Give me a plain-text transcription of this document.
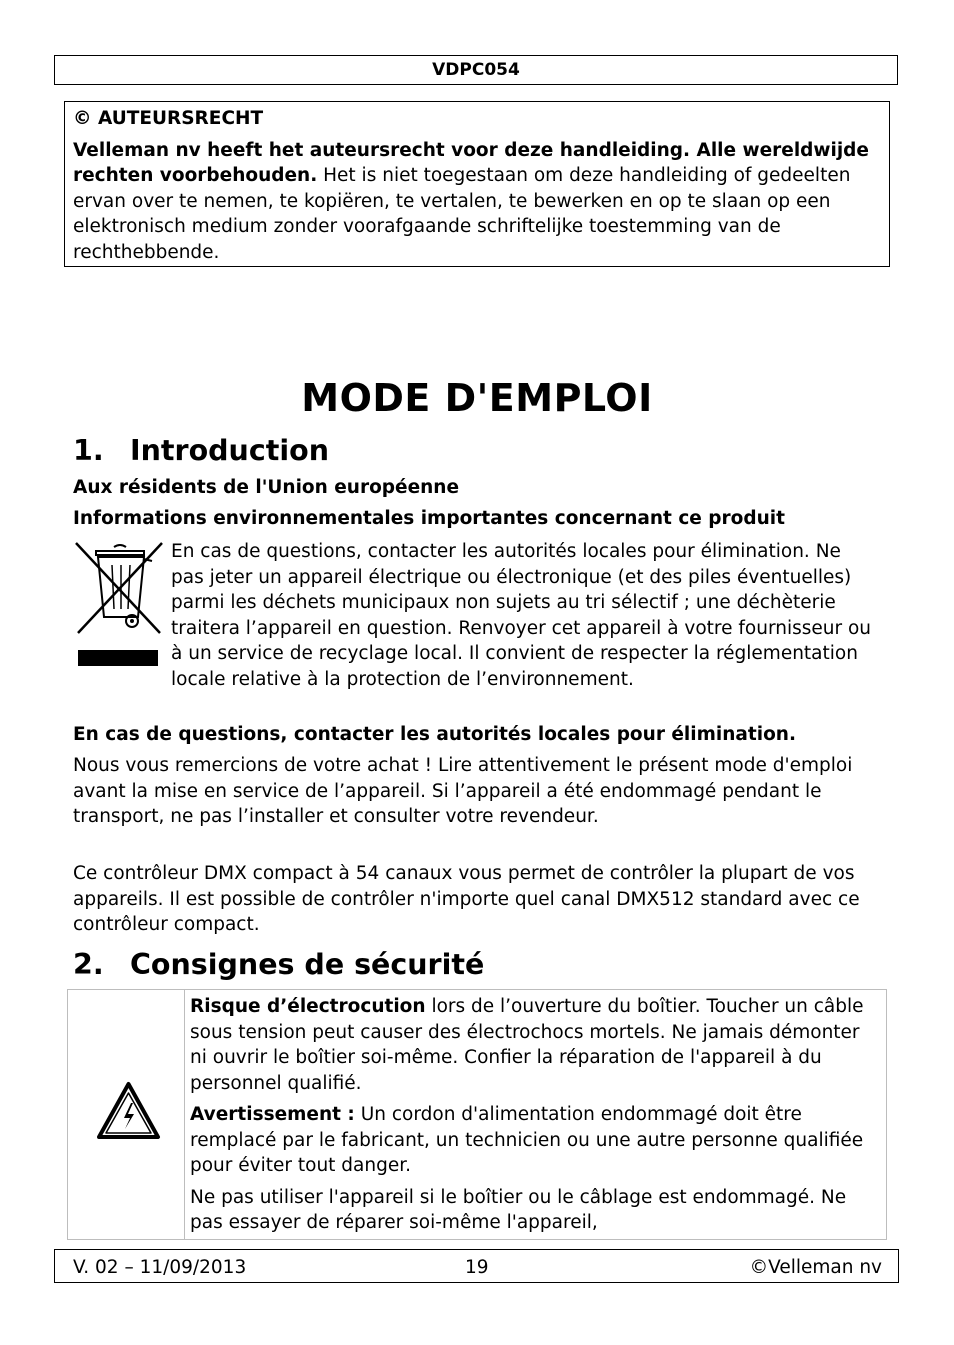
VDPC054
© AUTEURSRECHT
Velleman nv heeft het auteursrecht voor deze handleiding. Alle wereldwijde rechten voorbehouden. Het is niet toegestaan om deze handleiding of gedeelten ervan over te nemen, te kopiëren, te vertalen, te bewerken en op te slaan op een elektronisch medium zonder voorafgaande schriftelijke toestemming van de rechthebbende.
MODE D'EMPLOI
1. Introduction
Aux résidents de l'Union européenne
Informations environnementales importantes concernant ce produit
En cas de questions, contacter les autorités locales pour élimination. Ne pas jeter un appareil électrique ou électronique (et des piles éventuelles) parmi les déchets municipaux non sujets au tri sélectif ; une déchèterie traitera l’appareil en question. Renvoyer cet appareil à votre fournisseur ou à un service de recyclage local. Il convient de respecter la réglementation locale relative à la protection de l’environnement.
En cas de questions, contacter les autorités locales pour élimination.
Nous vous remercions de votre achat ! Lire attentivement le présent mode d'emploi avant la mise en service de l’appareil. Si l’appareil a été endommagé pendant le transport, ne pas l’installer et consulter votre revendeur.
Ce contrôleur DMX compact à 54 canaux vous permet de contrôler la plupart de vos appareils. Il est possible de contrôler n'importe quel canal DMX512 standard avec ce contrôleur compact.
2. Consignes de sécurité

Risque d’électrocution lors de l’ouverture du boîtier. Toucher un câble sous tension peut causer des électrochocs mortels. Ne jamais démonter ni ouvrir le boîtier soi-même. Confier la réparation de l'appareil à du personnel qualifié.

Avertissement : Un cordon d'alimentation endommagé doit être remplacé par le fabricant, un technicien ou une autre personne qualifiée pour éviter tout danger.

Ne pas utiliser l'appareil si le boîtier ou le câblage est endommagé. Ne pas essayer de réparer soi-même l'appareil,

V. 02 – 11/09/2013	19	©Velleman nv
